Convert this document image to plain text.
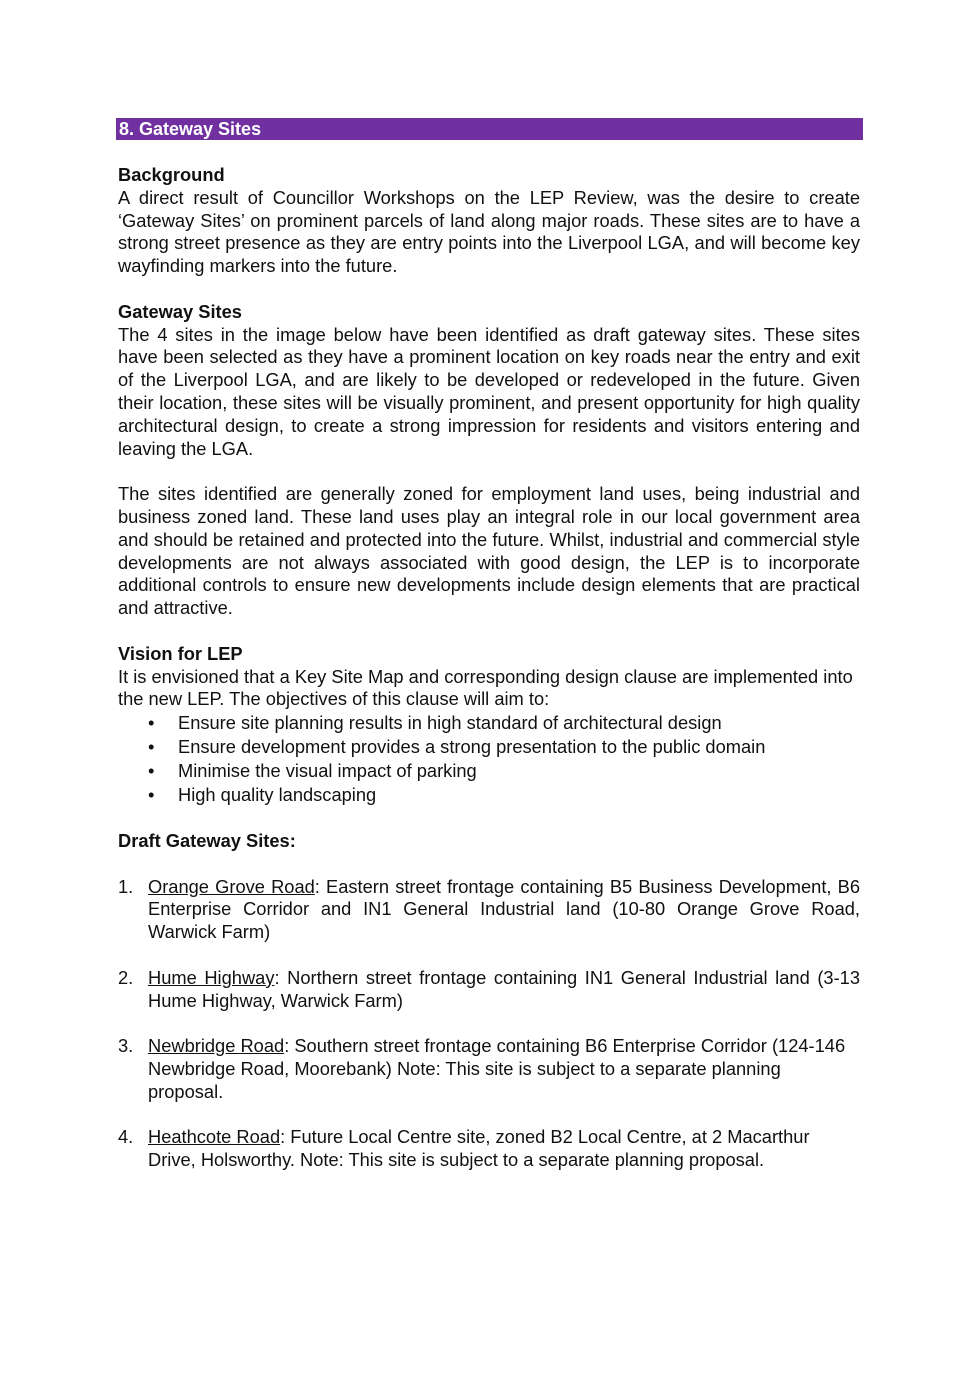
8. Gateway Sites
Background

A direct result of Councillor Workshops on the LEP Review, was the desire to create ‘Gateway Sites’ on prominent parcels of land along major roads. These sites are to have a strong street presence as they are entry points into the Liverpool LGA, and will become key wayfinding markers into the future.

Gateway Sites

The 4 sites in the image below have been identified as draft gateway sites. These sites have been selected as they have a prominent location on key roads near the entry and exit of the Liverpool LGA, and are likely to be developed or redeveloped in the future. Given their location, these sites will be visually prominent, and present opportunity for high quality architectural design, to create a strong impression for residents and visitors entering and leaving the LGA.

The sites identified are generally zoned for employment land uses, being industrial and business zoned land. These land uses play an integral role in our local government area and should be retained and protected into the future. Whilst, industrial and commercial style developments are not always associated with good design, the LEP is to incorporate additional controls to ensure new developments include design elements that are practical and attractive.

Vision for LEP

It is envisioned that a Key Site Map and corresponding design clause are implemented into the new LEP. The objectives of this clause will aim to:

• Ensure site planning results in high standard of architectural design
• Ensure development provides a strong presentation to the public domain
• Minimise the visual impact of parking
• High quality landscaping
Draft Gateway Sites:
1. Orange Grove Road: Eastern street frontage containing B5 Business Development, B6 Enterprise Corridor and IN1 General Industrial land (10-80 Orange Grove Road, Warwick Farm)
2. Hume Highway: Northern street frontage containing IN1 General Industrial land (3-13 Hume Highway, Warwick Farm)
3. Newbridge Road: Southern street frontage containing B6 Enterprise Corridor (124-146 Newbridge Road, Moorebank) Note: This site is subject to a separate planning proposal.
4. Heathcote Road: Future Local Centre site, zoned B2 Local Centre, at 2 Macarthur Drive, Holsworthy. Note: This site is subject to a separate planning proposal.
